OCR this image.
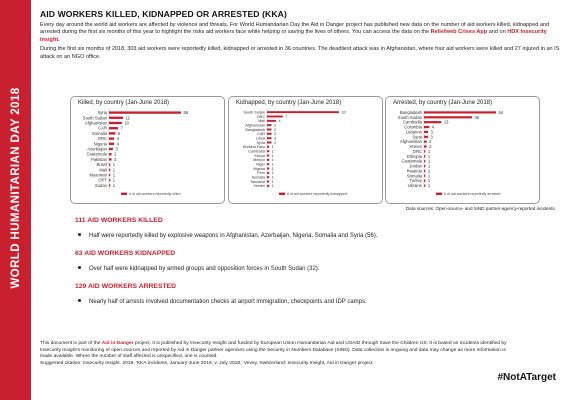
WORLD HUMANITARIAN DAY 2018
AID WORKERS KILLED, KIDNAPPED OR ARRESTED (KKA)

Every day around the world aid workers are affected by violence and threats. For World Humanitarian Day the Aid in Danger project has published new data on the number of aid workers killed, kidnapped and arrested during the first six months of this year to highlight the risks aid workers face while helping or saving the lives of others. You can access the data on the Reliefweb Crises App and on HDX Insecurity Insight.

During the first six months of 2018, 303 aid workers were reportedly killed, kidnapped or arrested in 36 countries. The deadliest attack was in Afghanistan, where four aid workers were killed and 27 injured in an IS attack on an NGO office.

Killed, by country (Jan-June 2018)
Syria	56
South Sudan	11
Afghanistan	10
CAR	7
Somalia	5
DRC 4
Nigeria 4
Azerbaijan 3
Guatemala 2
Pakistan 2
Brazil 1
Mali 1
Myanmar 1
OPT 1
Sudan 1
# of aid workers reportedly killed
Kidnapped, by country (Jan-June 2018)
South Sudan	32
DRC	7
Mali	4
Afghanistan 2
Bangladesh 2
CAR 2
Libya 2
Syria 2
Burkina Faso 1
Cambodia 1
Kenya 1
Mexico 1
Niger 1
Nigeria 1
Peru 1
Somalia 1
Tanzania 1
Yemen 1
# of aid workers reportedly kidnapped
Arrested, by country (Jan-June 2018)
Bangladesh	54
South Sudan	36
Cambodia	13
Colombia 4
Lebanon 3
Syria 3
Afghanistan 2
Yemen 2
DRC 1
Ethiopia 1
Guatemala 1
Jordan 1
Rwanda 1
Somalia 1
Turkey 1
Ukraine 1
# of aid workers reportedly arrested
Data sources: Open-source- and SiND partner-agency-reported incidents.
111 AID WORKERS KILLED
Half were reportedly killed by explosive weapons in Afghanistan, Azerbaijan, Nigeria, Somalia and Syria (56).
63 AID WORKERS KIDNAPPED
Over half were kidnapped by armed groups and opposition forces in South Sudan (32).
129 AID WORKERS ARRESTED
Nearly half of arrests involved documentation checks at airport immigration, checkpoints and IDP camps.
This document is part of the Aid in Danger project. It is published by Insecurity Insight and funded by European Union Humanitarian Aid and USAID through Save the Children US. It is based on incidents identified by Insecurity Insight's monitoring of open sources and reported by Aid in Danger partner agencies using the Security in Numbers Database (SiND). Data collection is ongoing and data may change as more information is made available. Where the number of staff affected is unspecified, one is counted.
Suggested citation: Insecurity Insight. 2018. 'KKA incidents, January-June 2018, v. July 2018.' Vevey, Switzerland: Insecurity Insight, Aid in Danger project.
#NotATarget
